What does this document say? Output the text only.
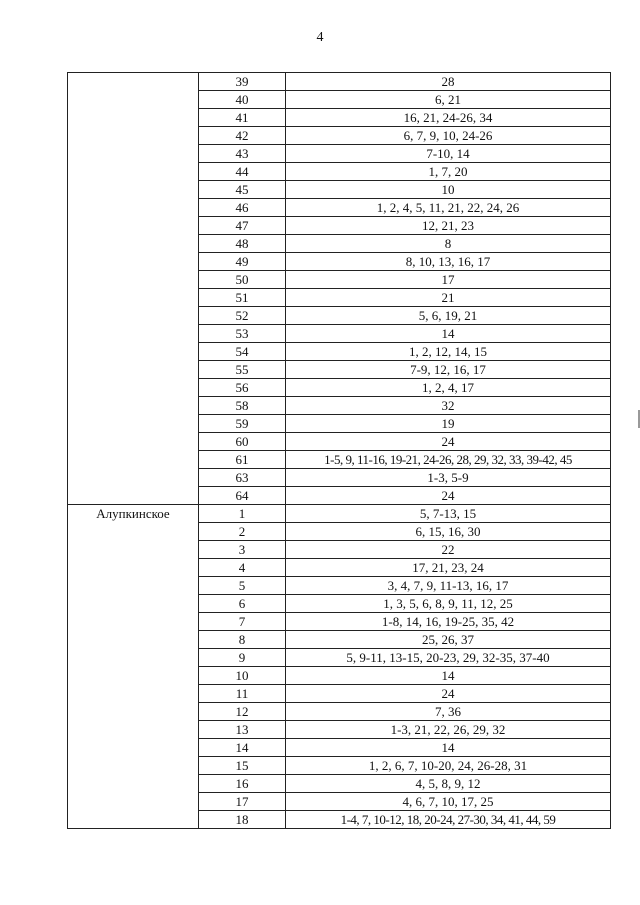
4
	39	28
	40	6, 21
	41	16, 21, 24-26, 34
	42	6, 7, 9, 10, 24-26
	43	7-10, 14
	44	1, 7, 20
	45	10
	46	1, 2, 4, 5, 11, 21, 22, 24, 26
	47	12, 21, 23
	48	8
	49	8, 10, 13, 16, 17
	50	17
	51	21
	52	5, 6, 19, 21
	53	14
	54	1, 2, 12, 14, 15
	55	7-9, 12, 16, 17
	56	1, 2, 4, 17
	58	32
	59	19
	60	24
	61	1-5, 9, 11-16, 19-21, 24-26, 28, 29, 32, 33, 39-42, 45
	63	1-3, 5-9
	64	24
Алупкинское	1	5, 7-13, 15
	2	6, 15, 16, 30
	3	22
	4	17, 21, 23, 24
	5	3, 4, 7, 9, 11-13, 16, 17
	6	1, 3, 5, 6, 8, 9, 11, 12, 25
	7	1-8, 14, 16, 19-25, 35, 42
	8	25, 26, 37
	9	5, 9-11, 13-15, 20-23, 29, 32-35, 37-40
	10	14
	11	24
	12	7, 36
	13	1-3, 21, 22, 26, 29, 32
	14	14
	15	1, 2, 6, 7, 10-20, 24, 26-28, 31
	16	4, 5, 8, 9, 12
	17	4, 6, 7, 10, 17, 25
	18	1-4, 7, 10-12, 18, 20-24, 27-30, 34, 41, 44, 59
